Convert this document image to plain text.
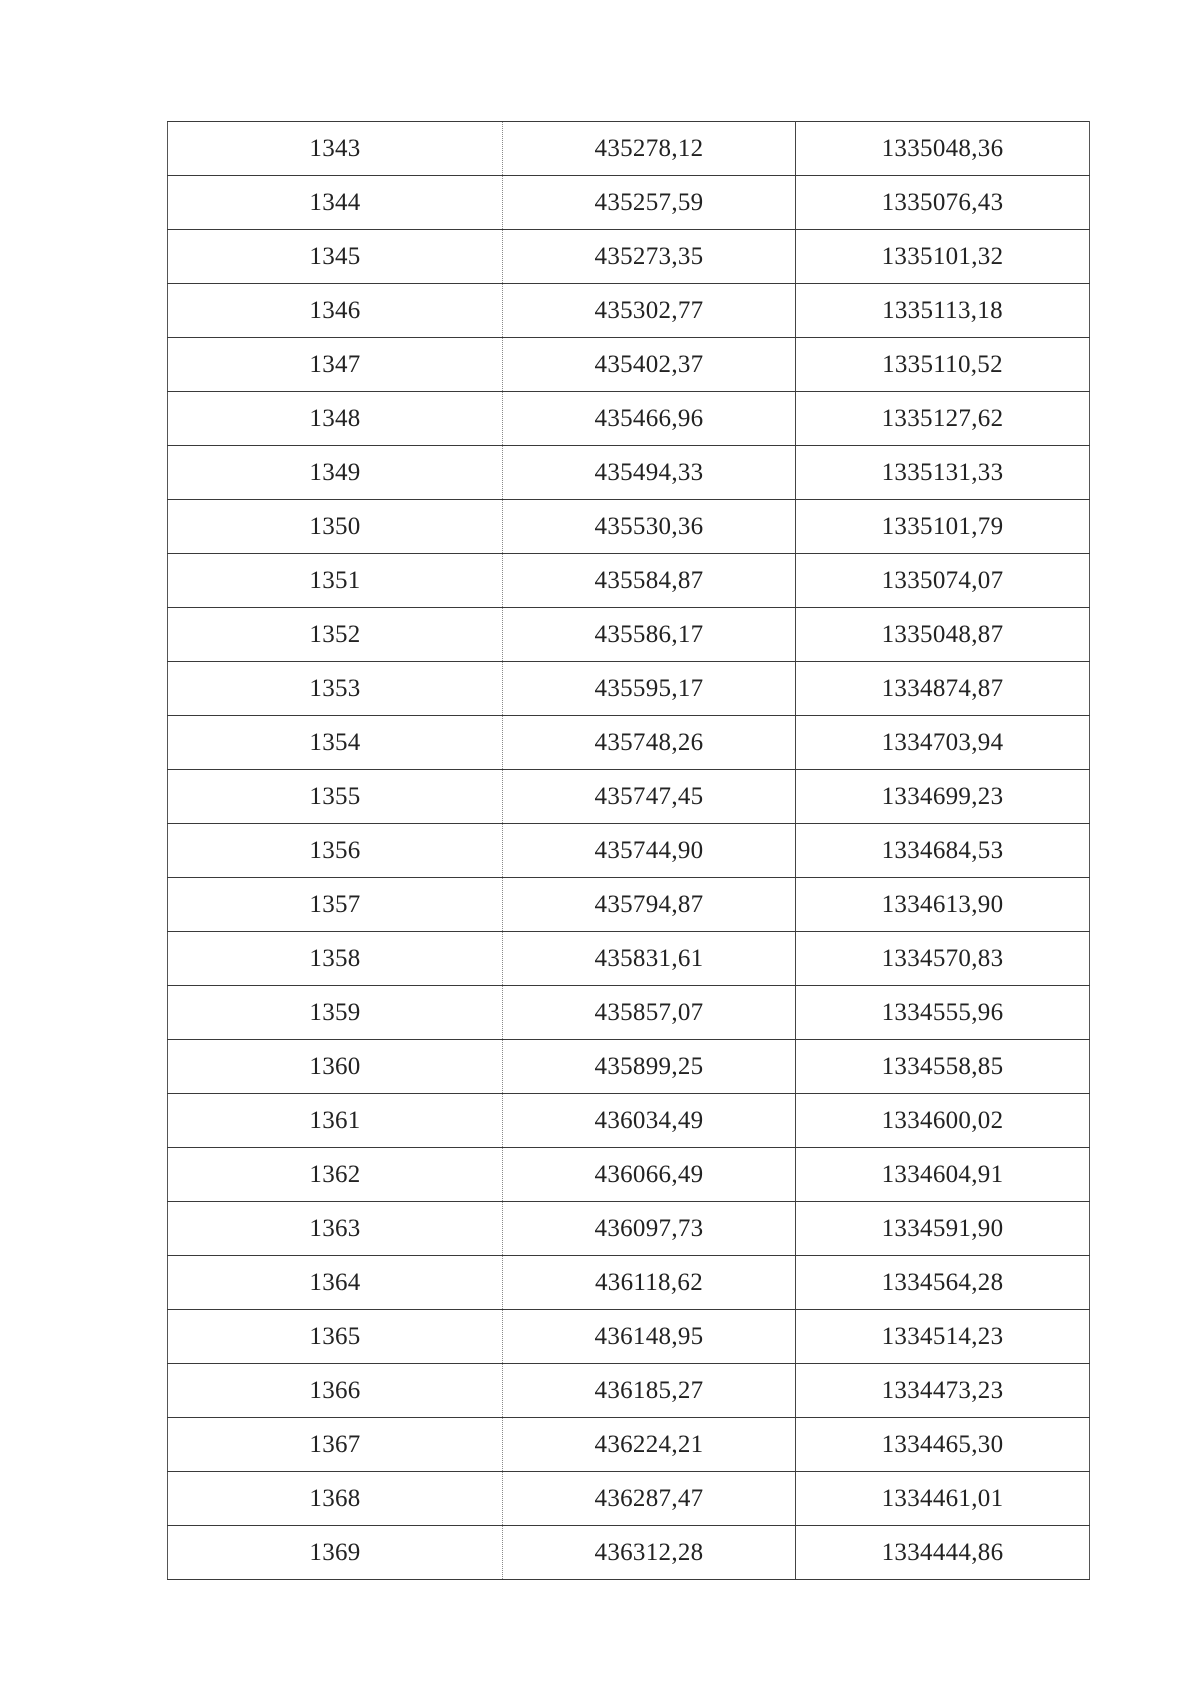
1343	435278,12	1335048,36
1344	435257,59	1335076,43
1345	435273,35	1335101,32
1346	435302,77	1335113,18
1347	435402,37	1335110,52
1348	435466,96	1335127,62
1349	435494,33	1335131,33
1350	435530,36	1335101,79
1351	435584,87	1335074,07
1352	435586,17	1335048,87
1353	435595,17	1334874,87
1354	435748,26	1334703,94
1355	435747,45	1334699,23
1356	435744,90	1334684,53
1357	435794,87	1334613,90
1358	435831,61	1334570,83
1359	435857,07	1334555,96
1360	435899,25	1334558,85
1361	436034,49	1334600,02
1362	436066,49	1334604,91
1363	436097,73	1334591,90
1364	436118,62	1334564,28
1365	436148,95	1334514,23
1366	436185,27	1334473,23
1367	436224,21	1334465,30
1368	436287,47	1334461,01
1369	436312,28	1334444,86
